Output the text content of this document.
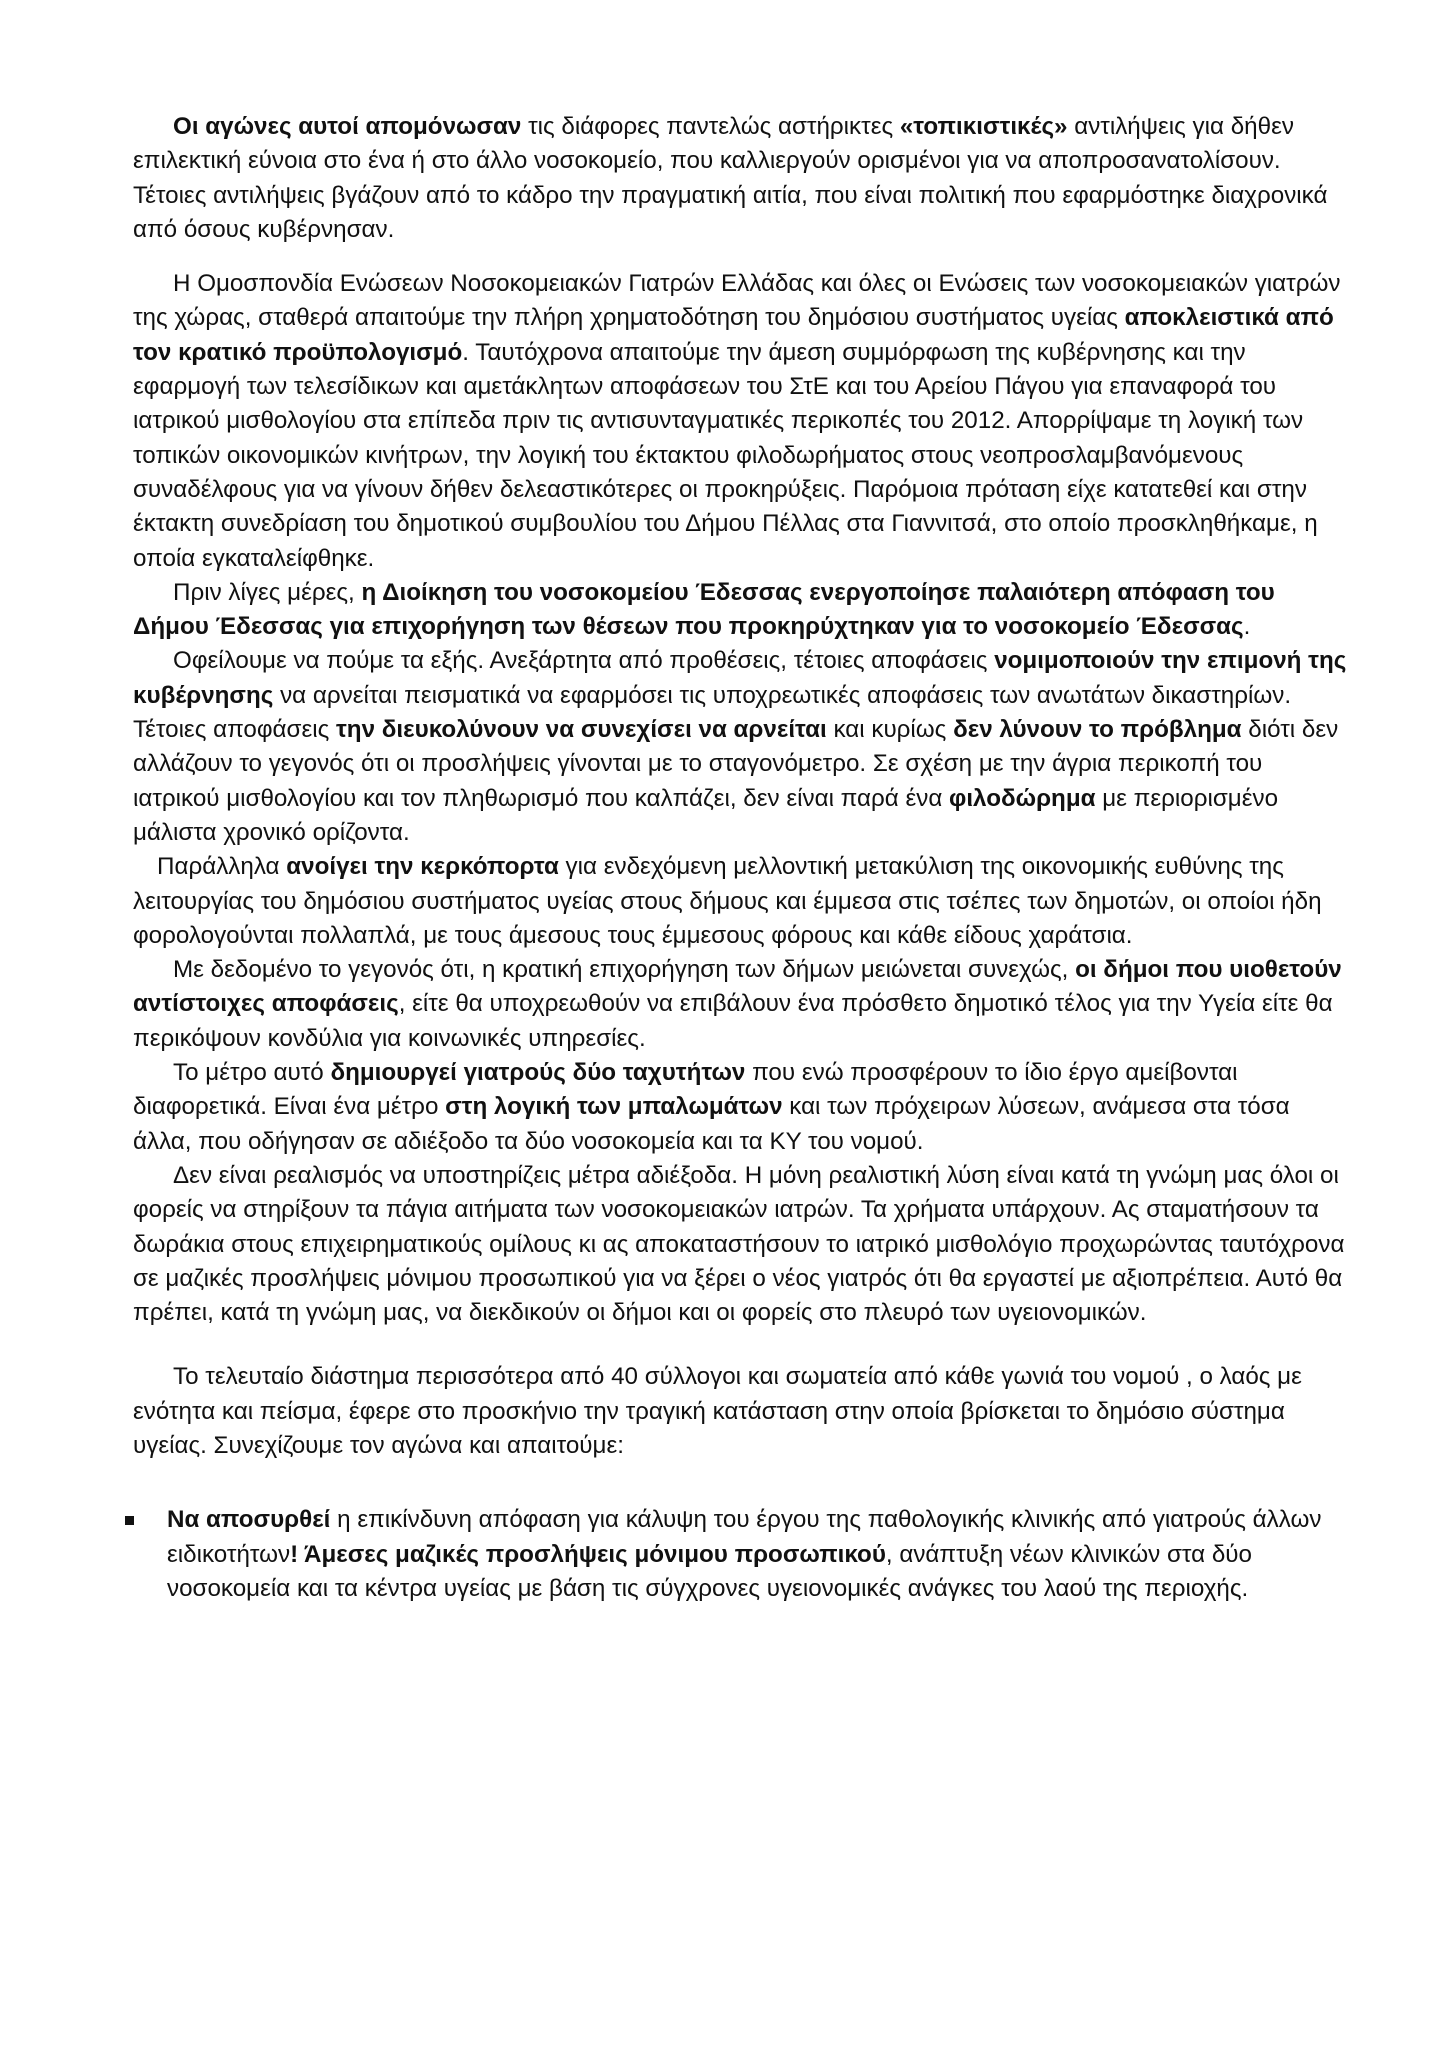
Οι αγώνες αυτοί απομόνωσαν τις διάφορες παντελώς αστήρικτες «τοπικιστικές» αντιλήψεις για δήθεν επιλεκτική εύνοια στο ένα ή στο άλλο νοσοκομείο, που καλλιεργούν ορισμένοι για να αποπροσανατολίσουν. Τέτοιες αντιλήψεις βγάζουν από το κάδρο την πραγματική αιτία, που είναι πολιτική που εφαρμόστηκε διαχρονικά από όσους κυβέρνησαν.

Η Ομοσπονδία Ενώσεων Νοσοκομειακών Γιατρών Ελλάδας και όλες οι Ενώσεις των νοσοκομειακών γιατρών της χώρας, σταθερά απαιτούμε την πλήρη χρηματοδότηση του δημόσιου συστήματος υγείας αποκλειστικά από τον κρατικό προϋπολογισμό. Ταυτόχρονα απαιτούμε την άμεση συμμόρφωση της κυβέρνησης και την εφαρμογή των τελεσίδικων και αμετάκλητων αποφάσεων του ΣτΕ και του Αρείου Πάγου για επαναφορά του ιατρικού μισθολογίου στα επίπεδα πριν τις αντισυνταγματικές περικοπές του 2012. Απορρίψαμε τη λογική των τοπικών οικονομικών κινήτρων, την λογική του έκτακτου φιλοδωρήματος στους νεοπροσλαμβανόμενους συναδέλφους για να γίνουν δήθεν δελεαστικότερες οι προκηρύξεις. Παρόμοια πρόταση είχε κατατεθεί και στην έκτακτη συνεδρίαση του δημοτικού συμβουλίου του Δήμου Πέλλας στα Γιαννιτσά, στο οποίο προσκληθήκαμε, η οποία εγκαταλείφθηκε.

Πριν λίγες μέρες, η Διοίκηση του νοσοκομείου Έδεσσας ενεργοποίησε παλαιότερη απόφαση του Δήμου Έδεσσας για επιχορήγηση των θέσεων που προκηρύχτηκαν για το νοσοκομείο Έδεσσας.

Οφείλουμε να πούμε τα εξής. Ανεξάρτητα από προθέσεις, τέτοιες αποφάσεις νομιμοποιούν την επιμονή της κυβέρνησης να αρνείται πεισματικά να εφαρμόσει τις υποχρεωτικές αποφάσεις των ανωτάτων δικαστηρίων. Τέτοιες αποφάσεις την διευκολύνουν να συνεχίσει να αρνείται και κυρίως δεν λύνουν το πρόβλημα διότι δεν αλλάζουν το γεγονός ότι οι προσλήψεις γίνονται με το σταγονόμετρο. Σε σχέση με την άγρια περικοπή του ιατρικού μισθολογίου και τον πληθωρισμό που καλπάζει, δεν είναι παρά ένα φιλοδώρημα με περιορισμένο μάλιστα χρονικό ορίζοντα.

Παράλληλα ανοίγει την κερκόπορτα για ενδεχόμενη μελλοντική μετακύλιση της οικονομικής ευθύνης της λειτουργίας του δημόσιου συστήματος υγείας στους δήμους και έμμεσα στις τσέπες των δημοτών, οι οποίοι ήδη φορολογούνται πολλαπλά, με τους άμεσους τους έμμεσους φόρους και κάθε είδους χαράτσια.

Με δεδομένο το γεγονός ότι, η κρατική επιχορήγηση των δήμων μειώνεται συνεχώς, οι δήμοι που υιοθετούν αντίστοιχες αποφάσεις, είτε θα υποχρεωθούν να επιβάλουν ένα πρόσθετο δημοτικό τέλος για την Υγεία είτε θα περικόψουν κονδύλια για κοινωνικές υπηρεσίες.

Το μέτρο αυτό δημιουργεί γιατρούς δύο ταχυτήτων που ενώ προσφέρουν το ίδιο έργο αμείβονται διαφορετικά. Είναι ένα μέτρο στη λογική των μπαλωμάτων και των πρόχειρων λύσεων, ανάμεσα στα τόσα άλλα, που οδήγησαν σε αδιέξοδο τα δύο νοσοκομεία και τα ΚΥ του νομού.

Δεν είναι ρεαλισμός να υποστηρίζεις μέτρα αδιέξοδα. Η μόνη ρεαλιστική λύση είναι κατά τη γνώμη μας όλοι οι φορείς να στηρίξουν τα πάγια αιτήματα των νοσοκομειακών ιατρών. Τα χρήματα υπάρχουν. Ας σταματήσουν τα δωράκια στους επιχειρηματικούς ομίλους κι ας αποκαταστήσουν το ιατρικό μισθολόγιο προχωρώντας ταυτόχρονα σε μαζικές προσλήψεις μόνιμου προσωπικού για να ξέρει ο νέος γιατρός ότι θα εργαστεί με αξιοπρέπεια. Αυτό θα πρέπει, κατά τη γνώμη μας, να διεκδικούν οι δήμοι και οι φορείς στο πλευρό των υγειονομικών.

Το τελευταίο διάστημα περισσότερα από 40 σύλλογοι και σωματεία από κάθε γωνιά του νομού , ο λαός με ενότητα και πείσμα, έφερε στο προσκήνιο την τραγική κατάσταση στην οποία βρίσκεται το δημόσιο σύστημα υγείας. Συνεχίζουμε τον αγώνα και απαιτούμε:

Να αποσυρθεί η επικίνδυνη απόφαση για κάλυψη του έργου της παθολογικής κλινικής από γιατρούς άλλων ειδικοτήτων! Άμεσες μαζικές προσλήψεις μόνιμου προσωπικού, ανάπτυξη νέων κλινικών στα δύο νοσοκομεία και τα κέντρα υγείας με βάση τις σύγχρονες υγειονομικές ανάγκες του λαού της περιοχής.
